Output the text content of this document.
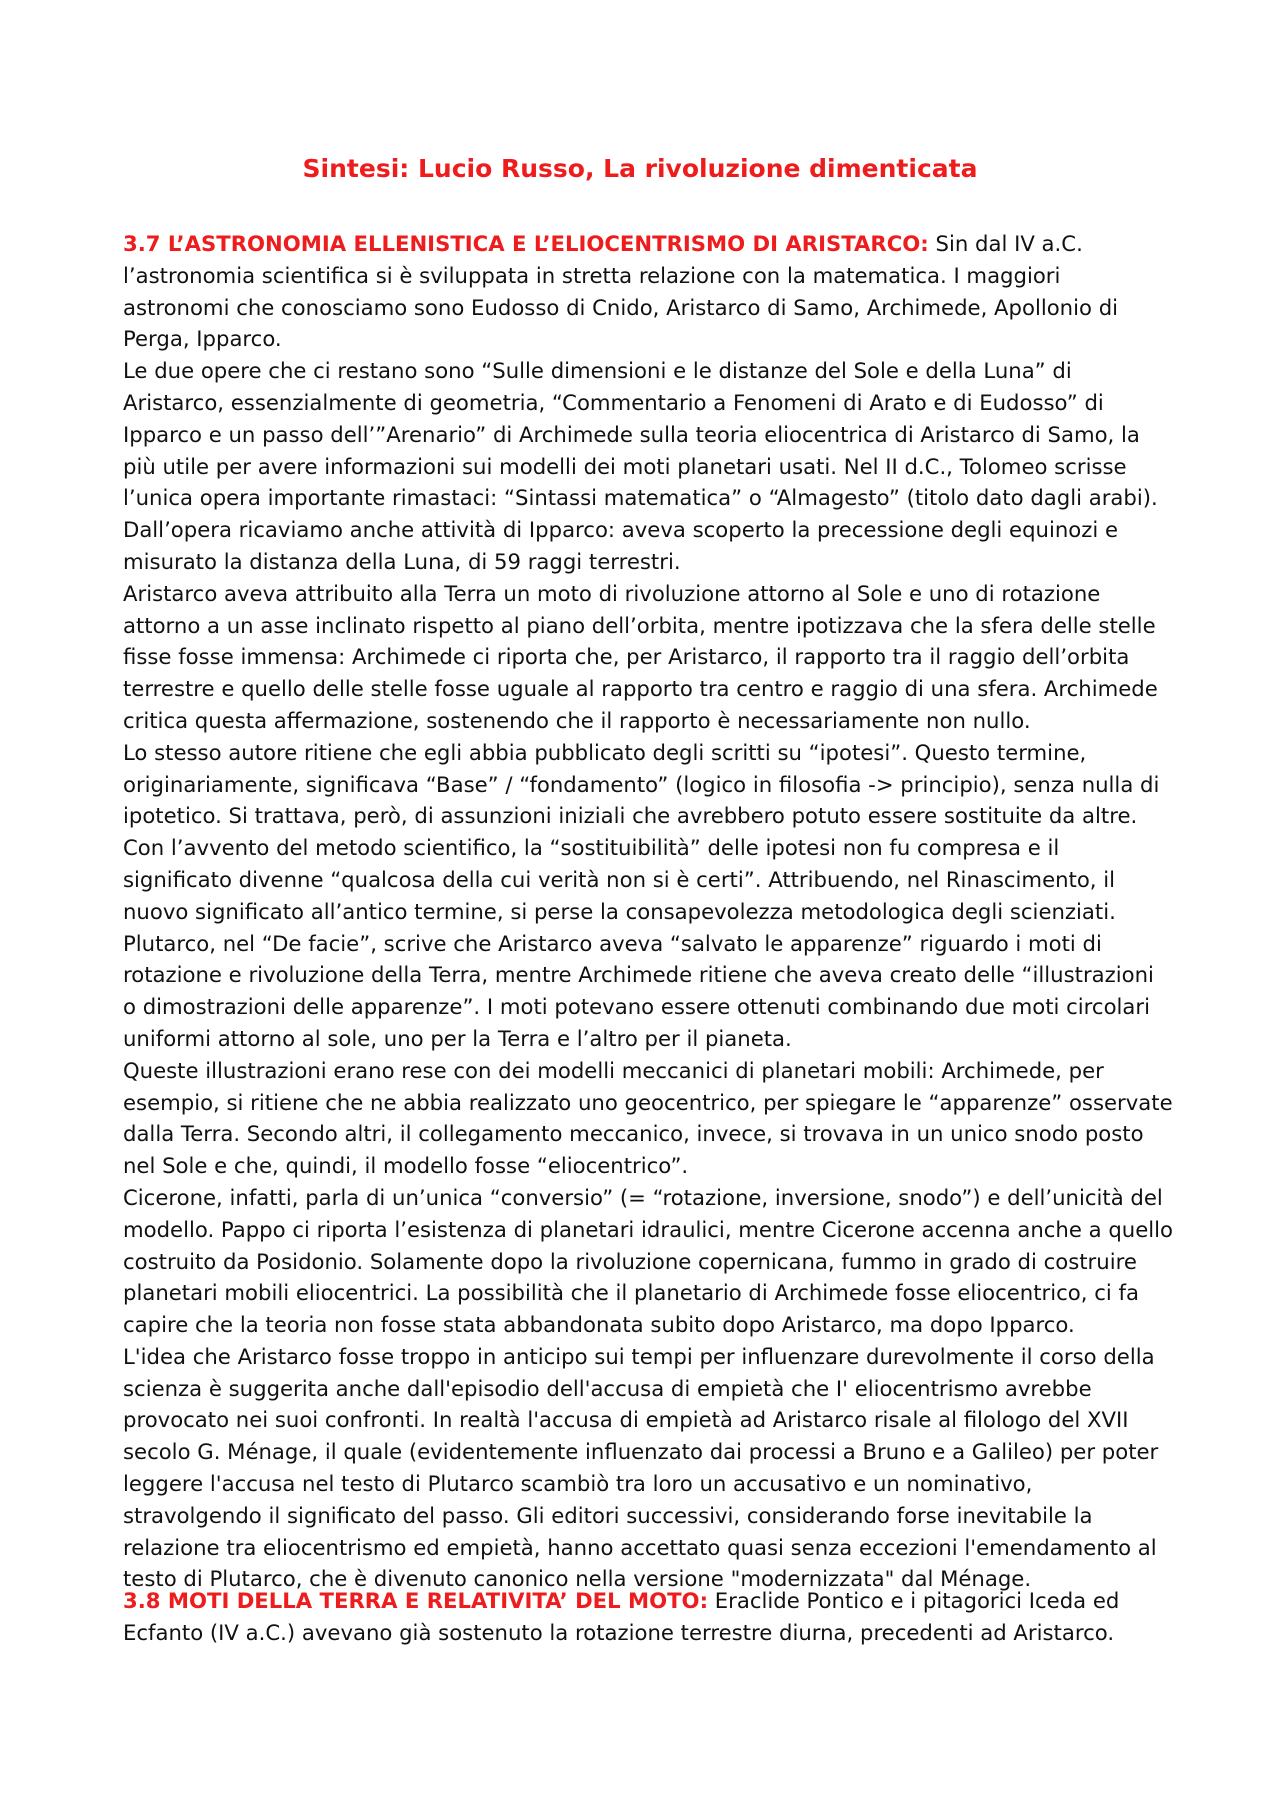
Sintesi: Lucio Russo, La rivoluzione dimenticata

3.7 L’ASTRONOMIA ELLENISTICA E L’ELIOCENTRISMO DI ARISTARCO: Sin dal IV a.C. l’astronomia scientifica si è sviluppata in stretta relazione con la matematica. I maggiori astronomi che conosciamo sono Eudosso di Cnido, Aristarco di Samo, Archimede, Apollonio di Perga, Ipparco.

Le due opere che ci restano sono “Sulle dimensioni e le distanze del Sole e della Luna” di Aristarco, essenzialmente di geometria, “Commentario a Fenomeni di Arato e di Eudosso” di Ipparco e un passo dell’”Arenario” di Archimede sulla teoria eliocentrica di Aristarco di Samo, la più utile per avere informazioni sui modelli dei moti planetari usati. Nel II d.C., Tolomeo scrisse l’unica opera importante rimastaci: “Sintassi matematica” o “Almagesto” (titolo dato dagli arabi).

Dall’opera ricaviamo anche attività di Ipparco: aveva scoperto la precessione degli equinozi e misurato la distanza della Luna, di 59 raggi terrestri.

Aristarco aveva attribuito alla Terra un moto di rivoluzione attorno al Sole e uno di rotazione attorno a un asse inclinato rispetto al piano dell’orbita, mentre ipotizzava che la sfera delle stelle fisse fosse immensa: Archimede ci riporta che, per Aristarco, il rapporto tra il raggio dell’orbita terrestre e quello delle stelle fosse uguale al rapporto tra centro e raggio di una sfera. Archimede critica questa affermazione, sostenendo che il rapporto è necessariamente non nullo.

Lo stesso autore ritiene che egli abbia pubblicato degli scritti su “ipotesi”. Questo termine, originariamente, significava “Base” / “fondamento” (logico in filosofia -> principio), senza nulla di ipotetico. Si trattava, però, di assunzioni iniziali che avrebbero potuto essere sostituite da altre. Con l’avvento del metodo scientifico, la “sostituibilità” delle ipotesi non fu compresa e il significato divenne “qualcosa della cui verità non si è certi”. Attribuendo, nel Rinascimento, il nuovo significato all’antico termine, si perse la consapevolezza metodologica degli scienziati.

Plutarco, nel “De facie”, scrive che Aristarco aveva “salvato le apparenze” riguardo i moti di rotazione e rivoluzione della Terra, mentre Archimede ritiene che aveva creato delle “illustrazioni o dimostrazioni delle apparenze”. I moti potevano essere ottenuti combinando due moti circolari uniformi attorno al sole, uno per la Terra e l’altro per il pianeta.

Queste illustrazioni erano rese con dei modelli meccanici di planetari mobili: Archimede, per esempio, si ritiene che ne abbia realizzato uno geocentrico, per spiegare le “apparenze” osservate dalla Terra. Secondo altri, il collegamento meccanico, invece, si trovava in un unico snodo posto nel Sole e che, quindi, il modello fosse “eliocentrico”.

Cicerone, infatti, parla di un’unica “conversio” (= “rotazione, inversione, snodo”) e dell’unicità del modello. Pappo ci riporta l’esistenza di planetari idraulici, mentre Cicerone accenna anche a quello costruito da Posidonio. Solamente dopo la rivoluzione copernicana, fummo in grado di costruire planetari mobili eliocentrici. La possibilità che il planetario di Archimede fosse eliocentrico, ci fa capire che la teoria non fosse stata abbandonata subito dopo Aristarco, ma dopo Ipparco.

L'idea che Aristarco fosse troppo in anticipo sui tempi per influenzare durevolmente il corso della scienza è suggerita anche dall'episodio dell'accusa di empietà che I' eliocentrismo avrebbe provocato nei suoi confronti. In realtà l'accusa di empietà ad Aristarco risale al filologo del XVII secolo G. Ménage, il quale (evidentemente influenzato dai processi a Bruno e a Galileo) per poter leggere l'accusa nel testo di Plutarco scambiò tra loro un accusativo e un nominativo, stravolgendo il significato del passo. Gli editori successivi, considerando forse inevitabile la relazione tra eliocentrismo ed empietà, hanno accettato quasi senza eccezioni l'emendamento al testo di Plutarco, che è divenuto canonico nella versione "modernizzata" dal Ménage.

3.8 MOTI DELLA TERRA E RELATIVITA’ DEL MOTO: Eraclide Pontico e i pitagorici Iceda ed Ecfanto (IV a.C.) avevano già sostenuto la rotazione terrestre diurna, precedenti ad Aristarco.
